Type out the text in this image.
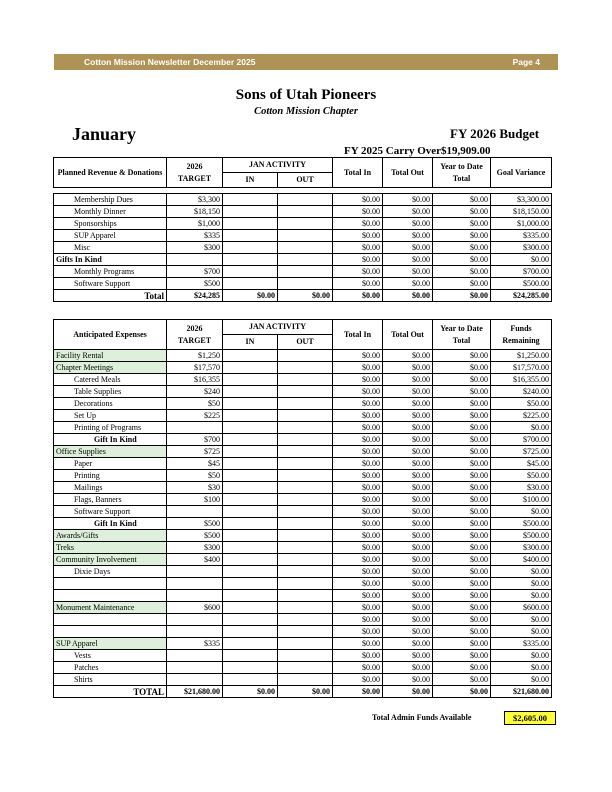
Cotton Mission Newsletter December 2025	Page 4
Sons of Utah Pioneers
Cotton Mission Chapter
January	FY 2026 Budget
FY 2025 Carry Over $19,909.00
Planned Revenue & Donations	2026 TARGET	JAN ACTIVITY		Total In	Total Out	Year to Date Total	Goal Variance
		IN	OUT				

Membership Dues	$3,300			$0.00	$0.00	$0.00	$3,300.00
Monthly Dinner	$18,150			$0.00	$0.00	$0.00	$18,150.00
Sponsorships	$1,000			$0.00	$0.00	$0.00	$1,000.00
SUP Apparel	$335			$0.00	$0.00	$0.00	$335.00
Misc	$300			$0.00	$0.00	$0.00	$300.00
Gifts In Kind				$0.00	$0.00	$0.00	$0.00
Monthly Programs	$700			$0.00	$0.00	$0.00	$700.00
Software Support	$500			$0.00	$0.00	$0.00	$500.00
Total	$24,285	$0.00	$0.00	$0.00	$0.00	$0.00	$24,285.00
Anticipated Expenses	2026 TARGET	JAN ACTIVITY		Total In	Total Out	Year to Date Total	Funds Remaining
		IN	OUT				
Facility Rental	$1,250			$0.00	$0.00	$0.00	$1,250.00
Chapter Meetings	$17,570			$0.00	$0.00	$0.00	$17,570.00
Catered Meals	$16,355			$0.00	$0.00	$0.00	$16,355.00
Table Supplies	$240			$0.00	$0.00	$0.00	$240.00
Decorations	$50			$0.00	$0.00	$0.00	$50.00
Set Up	$225			$0.00	$0.00	$0.00	$225.00
Printing of Programs				$0.00	$0.00	$0.00	$0.00
Gift In Kind	$700			$0.00	$0.00	$0.00	$700.00
Office Supplies	$725			$0.00	$0.00	$0.00	$725.00
Paper	$45			$0.00	$0.00	$0.00	$45.00
Printing	$50			$0.00	$0.00	$0.00	$50.00
Mailings	$30			$0.00	$0.00	$0.00	$30.00
Flags, Banners	$100			$0.00	$0.00	$0.00	$100.00
Software Support				$0.00	$0.00	$0.00	$0.00
Gift In Kind	$500			$0.00	$0.00	$0.00	$500.00
Awards/Gifts	$500			$0.00	$0.00	$0.00	$500.00
Treks	$300			$0.00	$0.00	$0.00	$300.00
Community Involvement	$400			$0.00	$0.00	$0.00	$400.00
Dixie Days				$0.00	$0.00	$0.00	$0.00
				$0.00	$0.00	$0.00	$0.00
				$0.00	$0.00	$0.00	$0.00
Monument Maintenance	$600			$0.00	$0.00	$0.00	$600.00
				$0.00	$0.00	$0.00	$0.00
				$0.00	$0.00	$0.00	$0.00
SUP Apparel	$335			$0.00	$0.00	$0.00	$335.00
Vests				$0.00	$0.00	$0.00	$0.00
Patches				$0.00	$0.00	$0.00	$0.00
Shirts				$0.00	$0.00	$0.00	$0.00
TOTAL	$21,680.00	$0.00	$0.00	$0.00	$0.00	$0.00	$21,680.00
Total Admin Funds Available	$2,605.00
